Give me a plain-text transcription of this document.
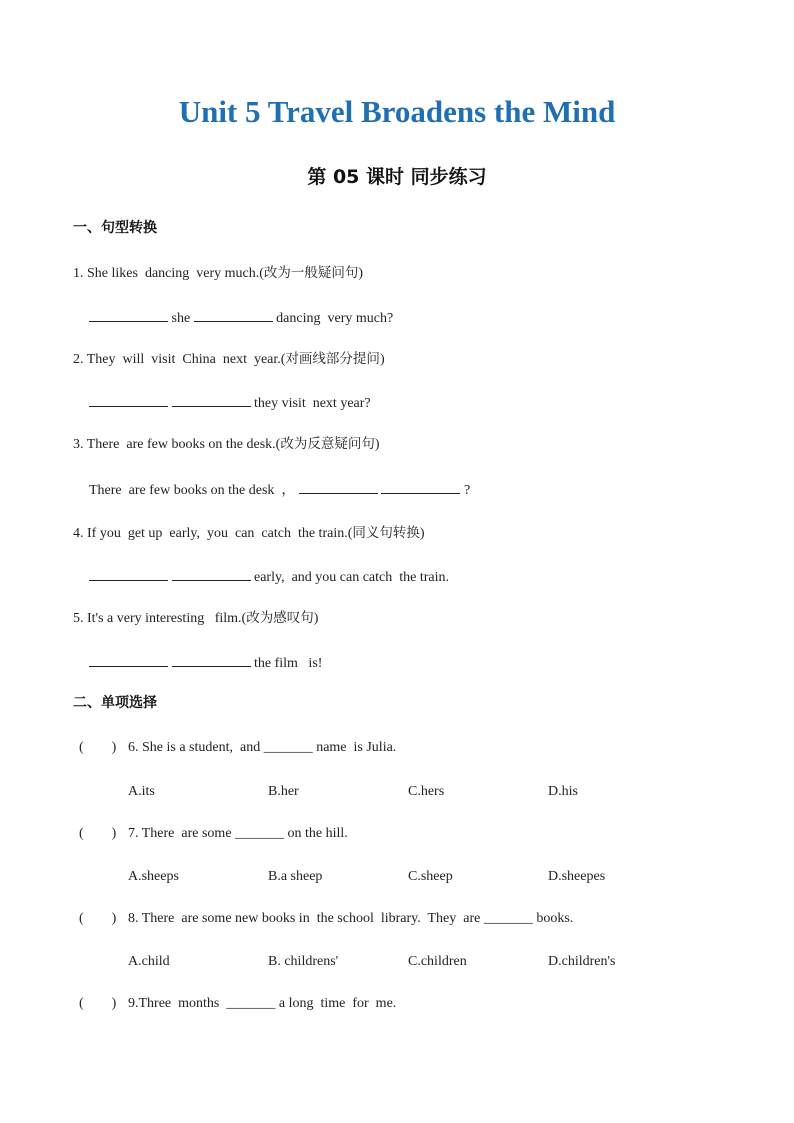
Unit 5 Travel Broadens the Mind
第 05 课时 同步练习
一、句型转换
1. She likes  dancing  very much.(改为一般疑问句)
she	dancing  very much?
2. They  will  visit  China  next  year.(对画线部分提问)
they visit  next year?
3. There  are few books on the desk.(改为反意疑问句)
There  are few books on the desk  ，	?
4. If you  get up  early,  you  can  catch  the train.(同义句转换)
early,  and you can catch  the train.
5. It's a very interesting   film.(改为感叹句)
the film   is!
二、单项选择
(        ) 6. She is a student,  and _______ name  is Julia.
A.its	B.her	C.hers	D.his
(        ) 7. There  are some _______ on the hill.
A.sheeps	B.a sheep	C.sheep	D.sheepes
(        ) 8. There  are some new books in  the school  library.  They  are _______ books.
A.child	B. childrens'	C.children	D.children's
(        ) 9.Three  months  _______ a long  time  for  me.
